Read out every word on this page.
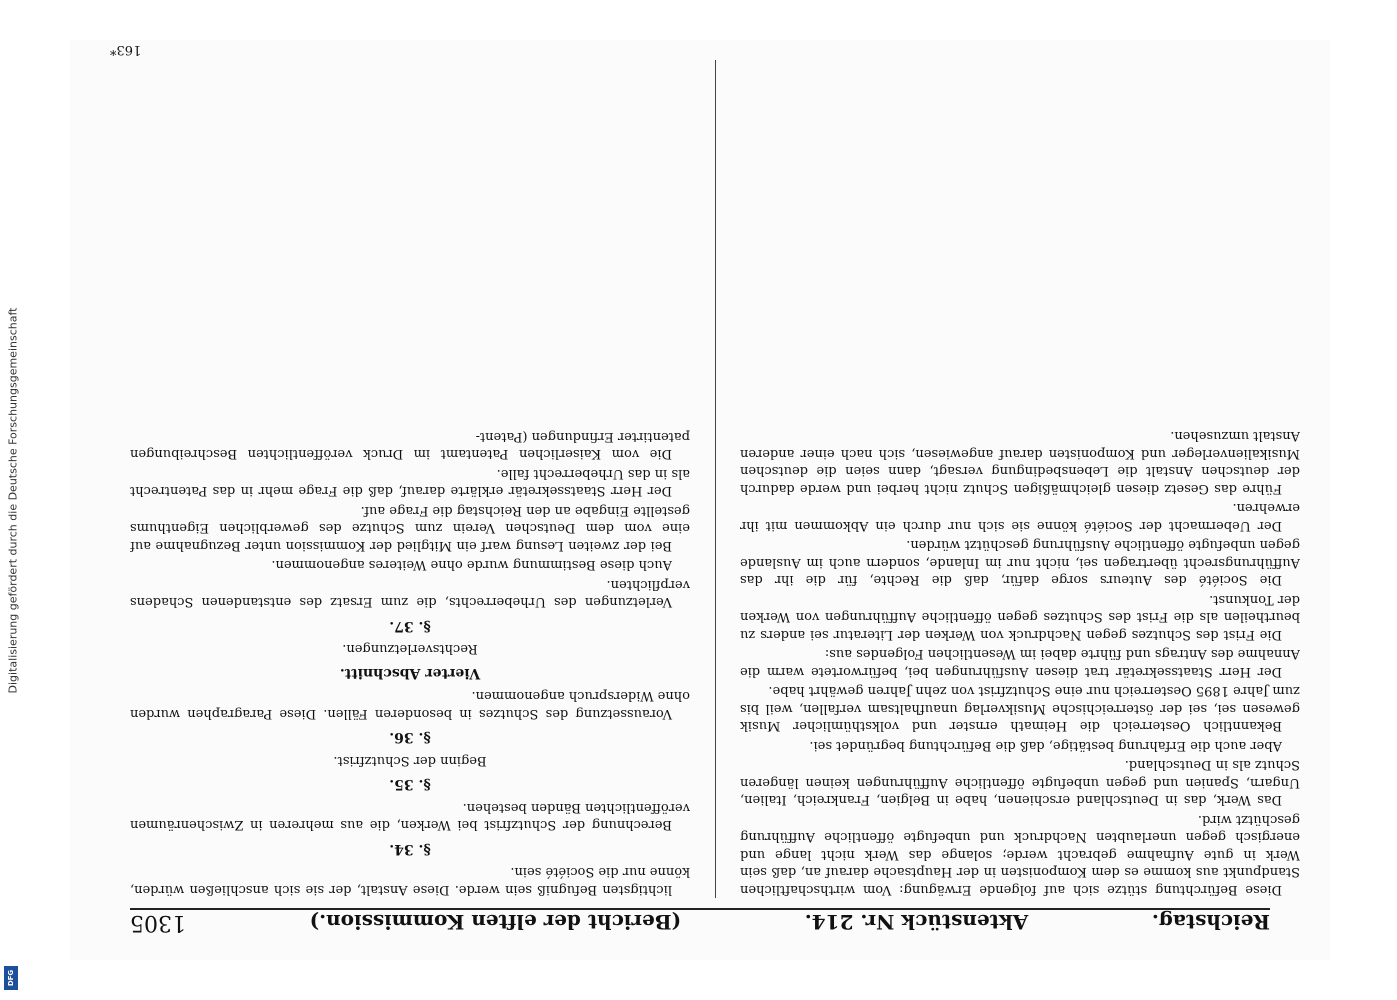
Digitalisierung gefördert durch die Deutsche Forschungsgemeinschaft
DFG
Reichstag.
Aktenstück Nr. 214.
(Bericht der elften Kommission.)
1305

Diese Befürchtung stütze sich auf folgende Erwägung: Vom wirthschaftlichen Standpunkt aus komme es dem Komponisten in der Hauptsache darauf an, daß sein Werk in gute Aufnahme gebracht werde; solange das Werk nicht lange und energisch gegen unerlaubten Nachdruck und unbefugte öffentliche Aufführung geschützt wird.

Das Werk, das in Deutschland erschienen, habe in Belgien, Frankreich, Italien, Ungarn, Spanien und gegen unbefugte öffentliche Aufführungen keinen längeren Schutz als in Deutschland.

Aber auch die Erfahrung bestätige, daß die Befürchtung begründet sei.

Bekanntlich Oesterreich die Heimath ernster und volksthümlicher Musik gewesen sei, sei der österreichische Musikverlag unaufhaltsam verfallen, weil bis zum Jahre 1895 Oesterreich nur eine Schutzfrist von zehn Jahren gewährt habe.

Der Herr Staatssekretär trat diesen Ausführungen bei, befürwortete warm die Annahme des Antrags und führte dabei im Wesentlichen Folgendes aus:

Die Frist des Schutzes gegen Nachdruck von Werken der Literatur sei anders zu beurtheilen als die Frist des Schutzes gegen öffentliche Aufführungen von Werken der Tonkunst.

Die Société des Auteurs sorge dafür, daß die Rechte, für die ihr das Aufführungsrecht übertragen sei, nicht nur im Inlande, sondern auch im Auslande gegen unbefugte öffentliche Ausführung geschützt würden.

Der Uebermacht der Société könne sie sich nur durch ein Abkommen mit ihr erwehren.

Führe das Gesetz diesen gleichmäßigen Schutz nicht herbei und werde dadurch der deutschen Anstalt die Lebensbedingung versagt, dann seien die deutschen Musikalienverleger und Komponisten darauf angewiesen, sich nach einer anderen Anstalt umzusehen.

lichtigsten Befugniß sein werde. Diese Anstalt, der sie sich anschließen würden, könne nur die Société sein.

§. 34.

Berechnung der Schutzfrist bei Werken, die aus mehreren in Zwischenräumen veröffentlichten Bänden bestehen.

§. 35.
Beginn der Schutzfrist.
§. 36.

Voraussetzung des Schutzes in besonderen Fällen. Diese Paragraphen wurden ohne Widerspruch angenommen.

Vierter Abschnitt.
Rechtsverletzungen.
§. 37.

Verletzungen des Urheberrechts, die zum Ersatz des entstandenen Schadens verpflichten.

Auch diese Bestimmung wurde ohne Weiteres angenommen.

Bei der zweiten Lesung warf ein Mitglied der Kommission unter Bezugnahme auf eine vom dem Deutschen Verein zum Schutze des gewerblichen Eigenthums gestellte Eingabe an den Reichstag die Frage auf.

Der Herr Staatssekretär erklärte darauf, daß die Frage mehr in das Patentrecht als in das Urheberrecht falle.

Die vom Kaiserlichen Patentamt im Druck veröffentlichten Beschreibungen patentirter Erfindungen (Patent-

163*
